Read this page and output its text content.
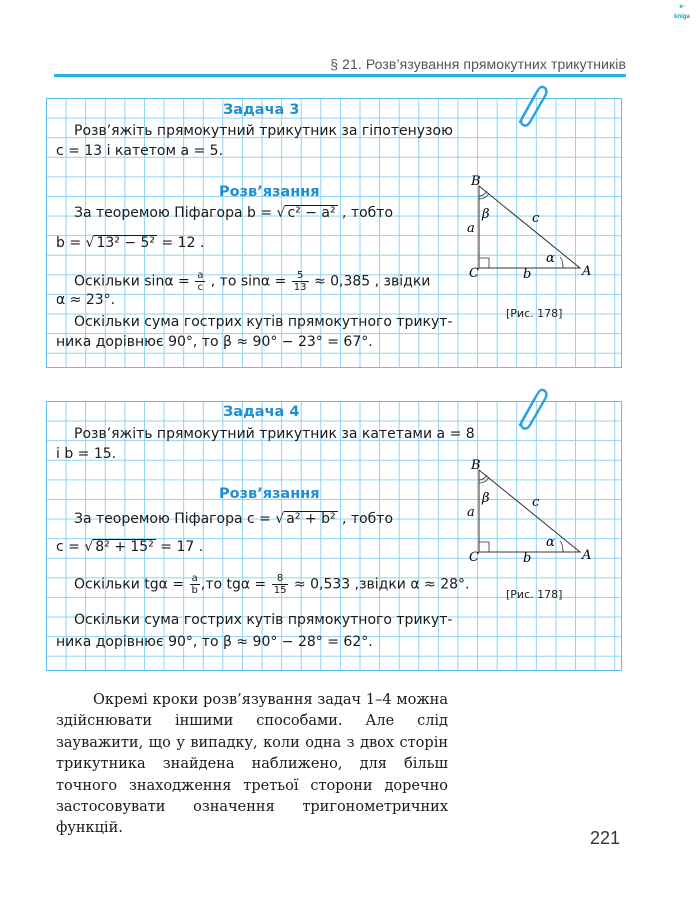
e-kniga
§ 21. Розв’язування прямокутних трикутників
Задача 3
Розв’яжіть прямокутний трикутник за гіпотенузою
c = 13 і катетом a = 5.
Розв’язання
За теоремою Піфагора b = √ c² − a² , тобто
b = √ 13² − 5² = 12 .
Оскільки $\sin\alpha = \frac{a}{c}$ , то $\sin\alpha = \frac{5}{13} \approx 0,385$ , звідки
α ≈ 23°.
Оскільки сума гострих кутів прямокутного трикут-
ника дорівнює 90°, то β ≈ 90° − 23° = 67°.
B
C	A
a
b
c
α
β
[Рис. 178]
Задача 4
Розв’яжіть прямокутний трикутник за катетами a = 8
і b = 15.
Розв’язання
За теоремою Піфагора c = √ a² + b² , тобто
c = √ 8² + 15² = 17 .
Оскільки $tg\alpha = \frac{a}{b} ,то$ $tg\alpha = \frac{8}{15} \approx 0,533$ ,звідки α ≈ 28°.
Оскільки сума гострих кутів прямокутного трикут-
ника дорівнює 90°, то β ≈ 90° − 28° = 62°.
B
C	A
a
b
c
α
β
[Рис. 178]

Окремі кроки розв’язування задач 1–4 можна здійснювати іншими способами. Але слід зауважити, що у випадку, коли одна з двох сторін трикутника знайдена наближено, для більш точного знаходження третьої сторони доречно застосовувати означення тригонометричних функцій.	221
